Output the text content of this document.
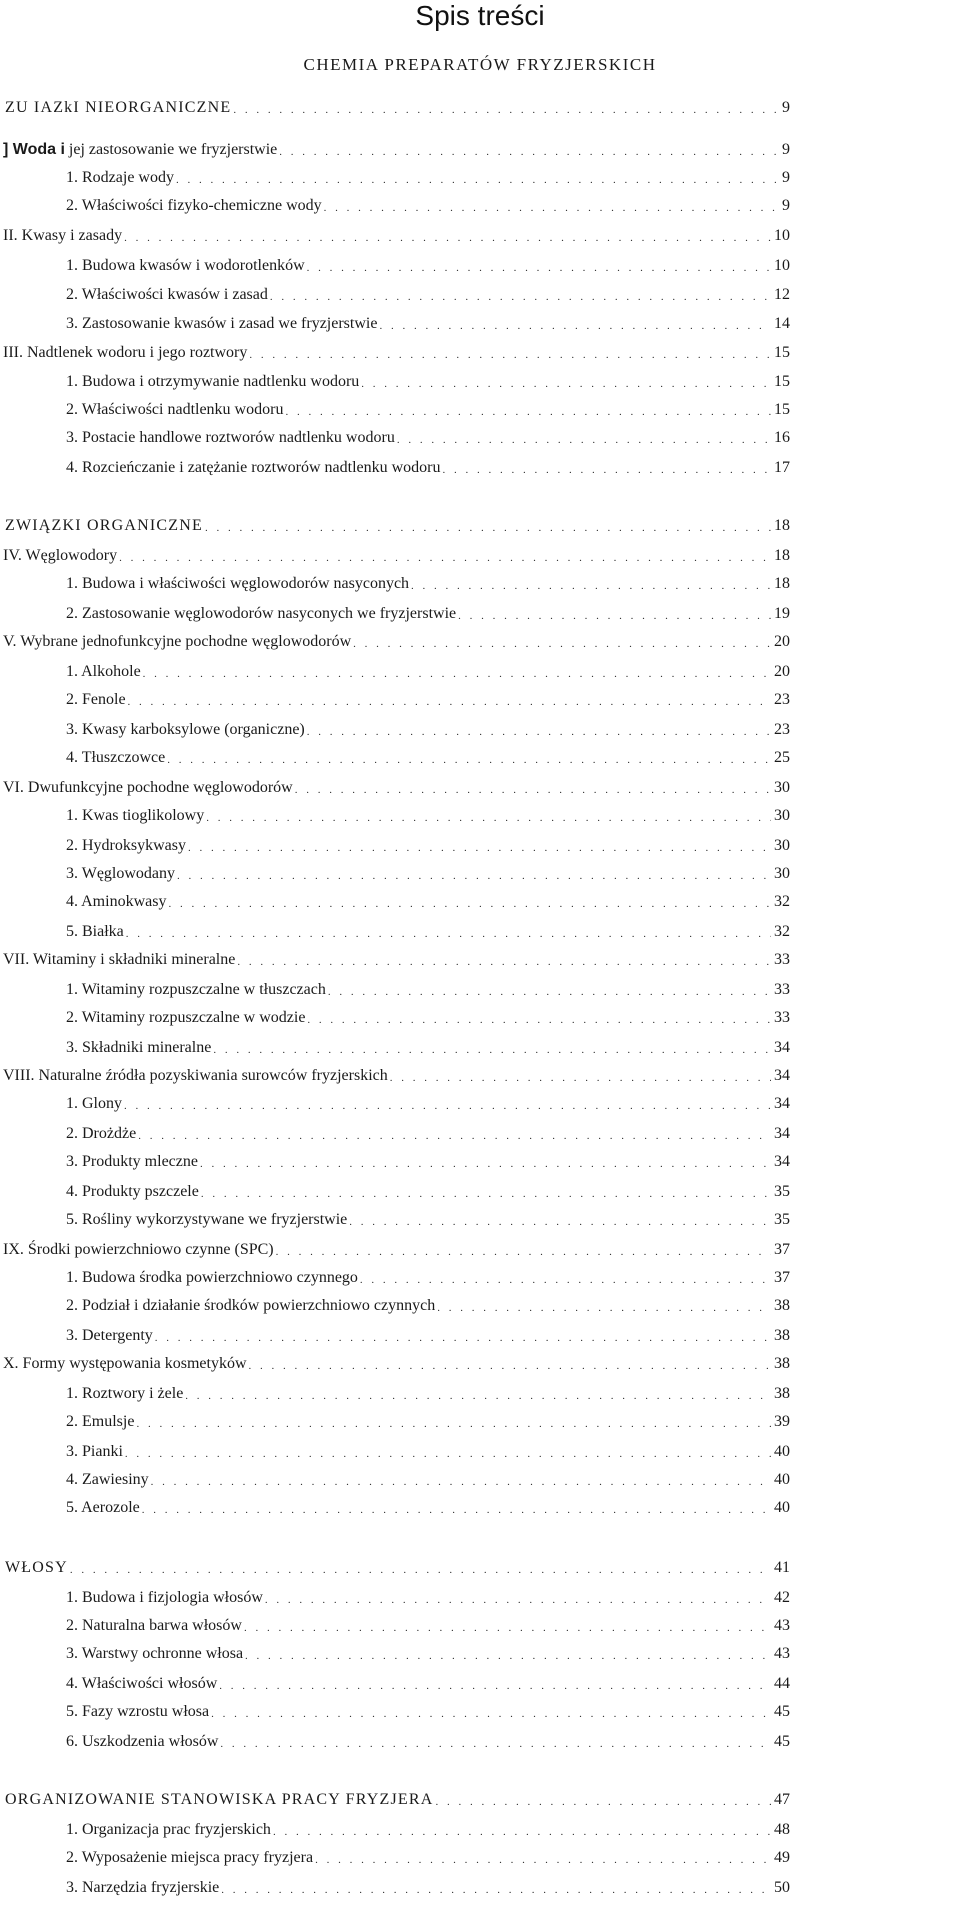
Spis treści
CHEMIA PREPARATÓW FRYZJERSKICH
ZU IAZkI NIEORGANICZNE . . .	9
] Woda i jej zastosowanie we fryzjerstwie . . .	9
1. Rodzaje wody . . .	9
2. Właściwości fizyko-chemiczne wody . . .	9
II. Kwasy i zasady . . .	10
1. Budowa kwasów i wodorotlenków . . .	10
2. Właściwości kwasów i zasad . . .	12
3. Zastosowanie kwasów i zasad we fryzjerstwie . . .	14
III. Nadtlenek wodoru i jego roztwory . . .	15
1. Budowa i otrzymywanie nadtlenku wodoru . . .	15
2. Właściwości nadtlenku wodoru . . .	15
3. Postacie handlowe roztworów nadtlenku wodoru . . .	16
4. Rozcieńczanie i zatężanie roztworów nadtlenku wodoru . . .	17
ZWIĄZKI ORGANICZNE . . .	18
IV. Węglowodory . . .	18
1. Budowa i właściwości węglowodorów nasyconych . . .	18
2. Zastosowanie węglowodorów nasyconych we fryzjerstwie . . .	19
V. Wybrane jednofunkcyjne pochodne węglowodorów . . .	20
1. Alkohole . . .	20
2. Fenole . . .	23
3. Kwasy karboksylowe (organiczne) . . .	23
4. Tłuszczowce . . .	25
VI. Dwufunkcyjne pochodne węglowodorów . . .	30
1. Kwas tioglikolowy . . .	30
2. Hydroksykwasy . . .	30
3. Węglowodany . . .	30
4. Aminokwasy . . .	32
5. Białka . . .	32
VII. Witaminy i składniki mineralne . . .	33
1. Witaminy rozpuszczalne w tłuszczach . . .	33
2. Witaminy rozpuszczalne w wodzie . . .	33
3. Składniki mineralne . . .	34
VIII. Naturalne źródła pozyskiwania surowców fryzjerskich . . .	34
1. Glony . . .	34
2. Drożdże . . .	34
3. Produkty mleczne . . .	34
4. Produkty pszczele . . .	35
5. Rośliny wykorzystywane we fryzjerstwie . . .	35
IX. Środki powierzchniowo czynne (SPC) . . .	37
1. Budowa środka powierzchniowo czynnego . . .	37
2. Podział i działanie środków powierzchniowo czynnych . . .	38
3. Detergenty . . .	38
X. Formy występowania kosmetyków . . .	38
1. Roztwory i żele . . .	38
2. Emulsje . . .	39
3. Pianki . . .	40
4. Zawiesiny . . .	40
5. Aerozole . . .	40
WŁOSY . . .	41
1. Budowa i fizjologia włosów . . .	42
2. Naturalna barwa włosów . . .	43
3. Warstwy ochronne włosa . . .	43
4. Właściwości włosów . . .	44
5. Fazy wzrostu włosa . . .	45
6. Uszkodzenia włosów . . .	45
ORGANIZOWANIE STANOWISKA PRACY FRYZJERA . . .	47
1. Organizacja prac fryzjerskich . . .	48
2. Wyposażenie miejsca pracy fryzjera . . .	49
3. Narzędzia fryzjerskie . . .	50
